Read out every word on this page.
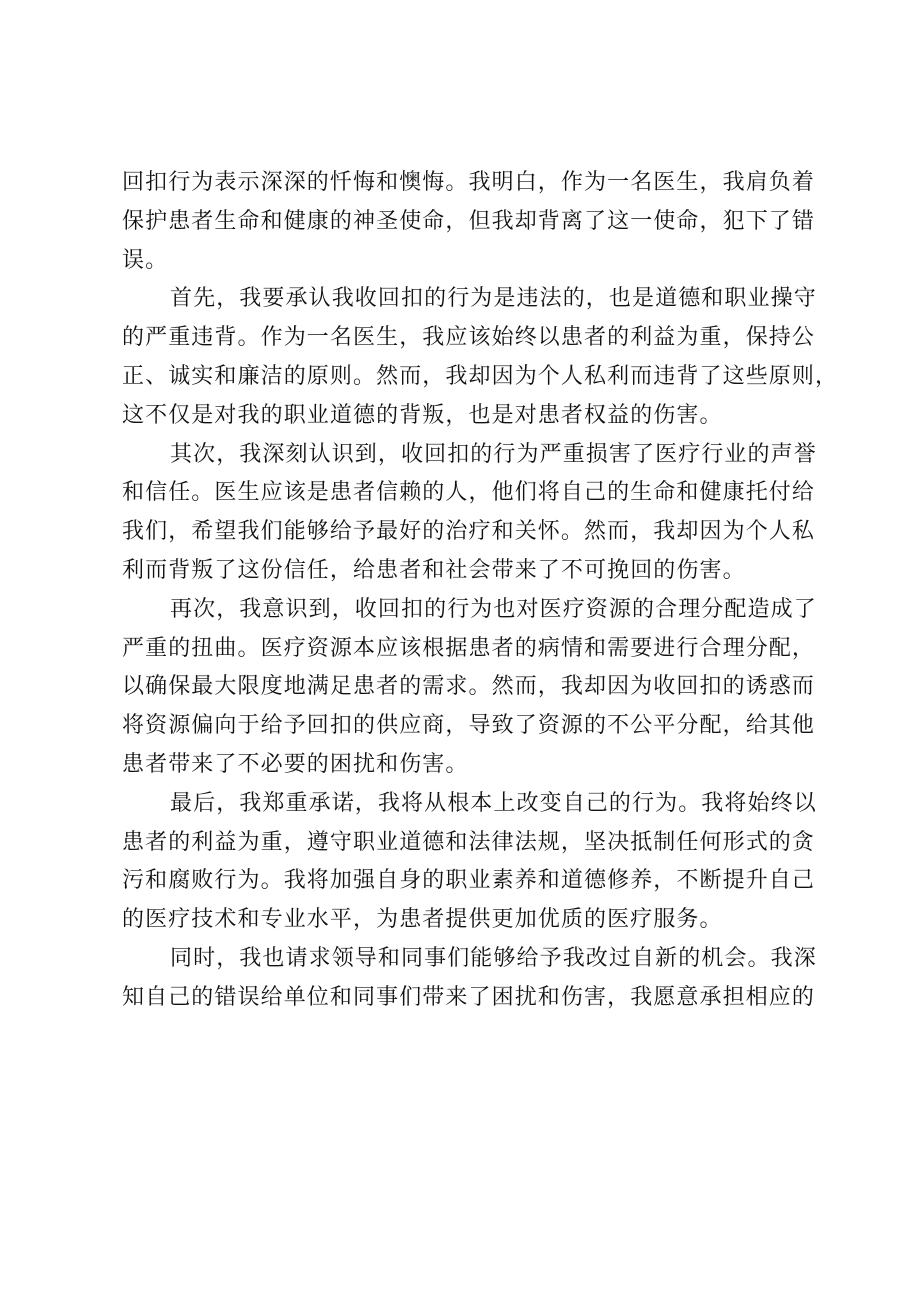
回扣行为表示深深的忏悔和懊悔。我明白，作为一名医生，我肩负着
保护患者生命和健康的神圣使命，但我却背离了这一使命，犯下了错
误。
首先，我要承认我收回扣的行为是违法的，也是道德和职业操守
的严重违背。作为一名医生，我应该始终以患者的利益为重，保持公
正、诚实和廉洁的原则。然而，我却因为个人私利而违背了这些原则，
这不仅是对我的职业道德的背叛，也是对患者权益的伤害。
其次，我深刻认识到，收回扣的行为严重损害了医疗行业的声誉
和信任。医生应该是患者信赖的人，他们将自己的生命和健康托付给
我们，希望我们能够给予最好的治疗和关怀。然而，我却因为个人私
利而背叛了这份信任，给患者和社会带来了不可挽回的伤害。
再次，我意识到，收回扣的行为也对医疗资源的合理分配造成了
严重的扭曲。医疗资源本应该根据患者的病情和需要进行合理分配，
以确保最大限度地满足患者的需求。然而，我却因为收回扣的诱惑而
将资源偏向于给予回扣的供应商，导致了资源的不公平分配，给其他
患者带来了不必要的困扰和伤害。
最后，我郑重承诺，我将从根本上改变自己的行为。我将始终以
患者的利益为重，遵守职业道德和法律法规，坚决抵制任何形式的贪
污和腐败行为。我将加强自身的职业素养和道德修养，不断提升自己
的医疗技术和专业水平，为患者提供更加优质的医疗服务。
同时，我也请求领导和同事们能够给予我改过自新的机会。我深
知自己的错误给单位和同事们带来了困扰和伤害，我愿意承担相应的
